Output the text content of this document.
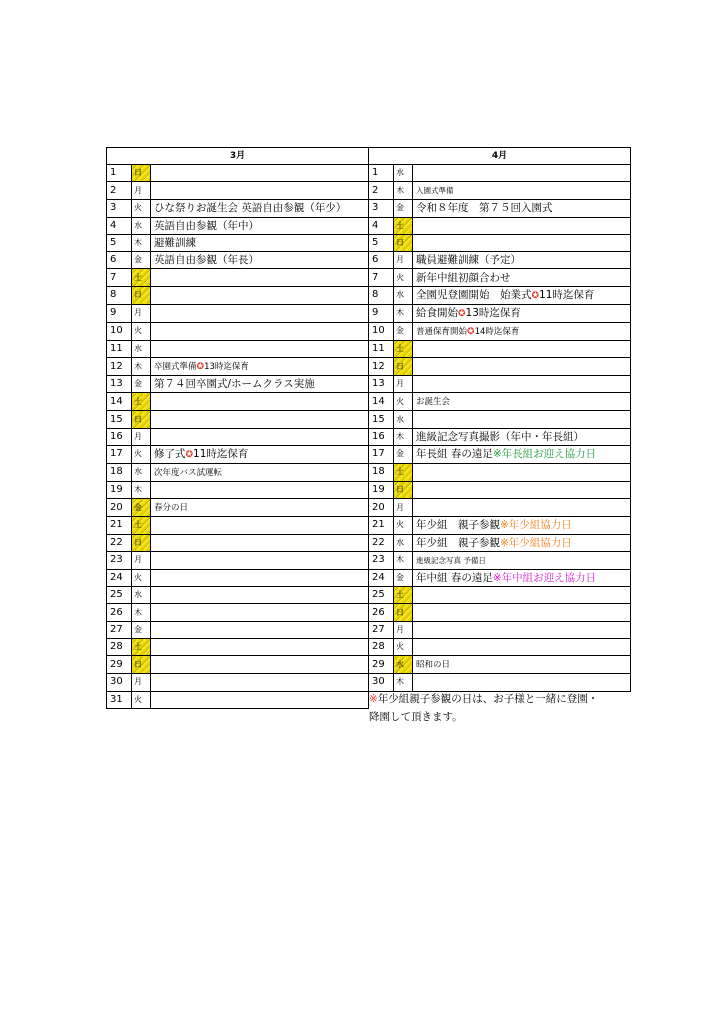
3月			4月		
1	日		1	水	
2	月		2	木	入園式準備
3	火	ひな祭りお誕生会 英語自由参観（年少）	3	金	令和８年度　第７５回入園式
4	水	英語自由参観（年中）	4	土	
5	木	避難訓練	5	日	
6	金	英語自由参観（年長）	6	月	職員避難訓練（予定）
7	土		7	火	新年中組初顔合わせ
8	日		8	水	全園児登園開始　始業式✪11時迄保育
9	月		9	木	給食開始✪13時迄保育
10	火		10	金	普通保育開始✪14時迄保育
11	水		11	土	
12	木	卒園式準備✪13時迄保育	12	日	
13	金	第７４回卒園式/ホームクラス実施	13	月	
14	土		14	火	お誕生会
15	日		15	水	
16	月		16	木	進級記念写真撮影（年中・年長組）
17	火	修了式✪11時迄保育	17	金	年長組 春の遠足※年長組お迎え協力日
18	水	次年度バス試運転	18	土	
19	木		19	日	
20	金	春分の日	20	月	
21	土		21	火	年少組　親子参観※年少組協力日
22	日		22	水	年少組　親子参観※年少組協力日
23	月		23	木	進級記念写真 予備日
24	火		24	金	年中組 春の遠足※年中組お迎え協力日
25	水		25	土	
26	木		26	日	
27	金		27	月	
28	土		28	火	
29	日		29	水	昭和の日
30	月		30	木	
31	火					※年少組親子参観の日は、お子様と一緒に登園・
降園して頂きます。
